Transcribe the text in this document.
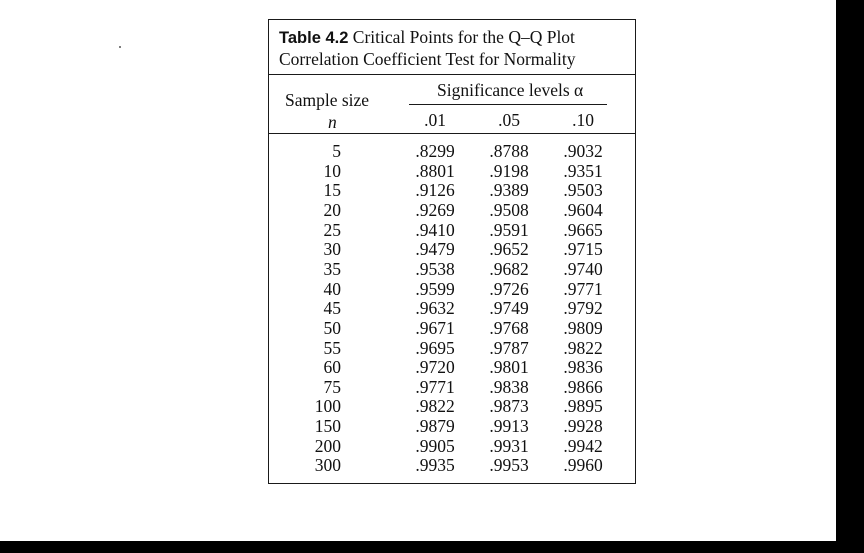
Table 4.2 Critical Points for the Q–Q Plot
Correlation Coefficient Test for Normality
Sample size
n
Significance levels α
.01	.05	.10
5	.8299	.8788	.9032
10	.8801	.9198	.9351
15	.9126	.9389	.9503
20	.9269	.9508	.9604
25	.9410	.9591	.9665
30	.9479	.9652	.9715
35	.9538	.9682	.9740
40	.9599	.9726	.9771
45	.9632	.9749	.9792
50	.9671	.9768	.9809
55	.9695	.9787	.9822
60	.9720	.9801	.9836
75	.9771	.9838	.9866
100	.9822	.9873	.9895
150	.9879	.9913	.9928
200	.9905	.9931	.9942
300	.9935	.9953	.9960
